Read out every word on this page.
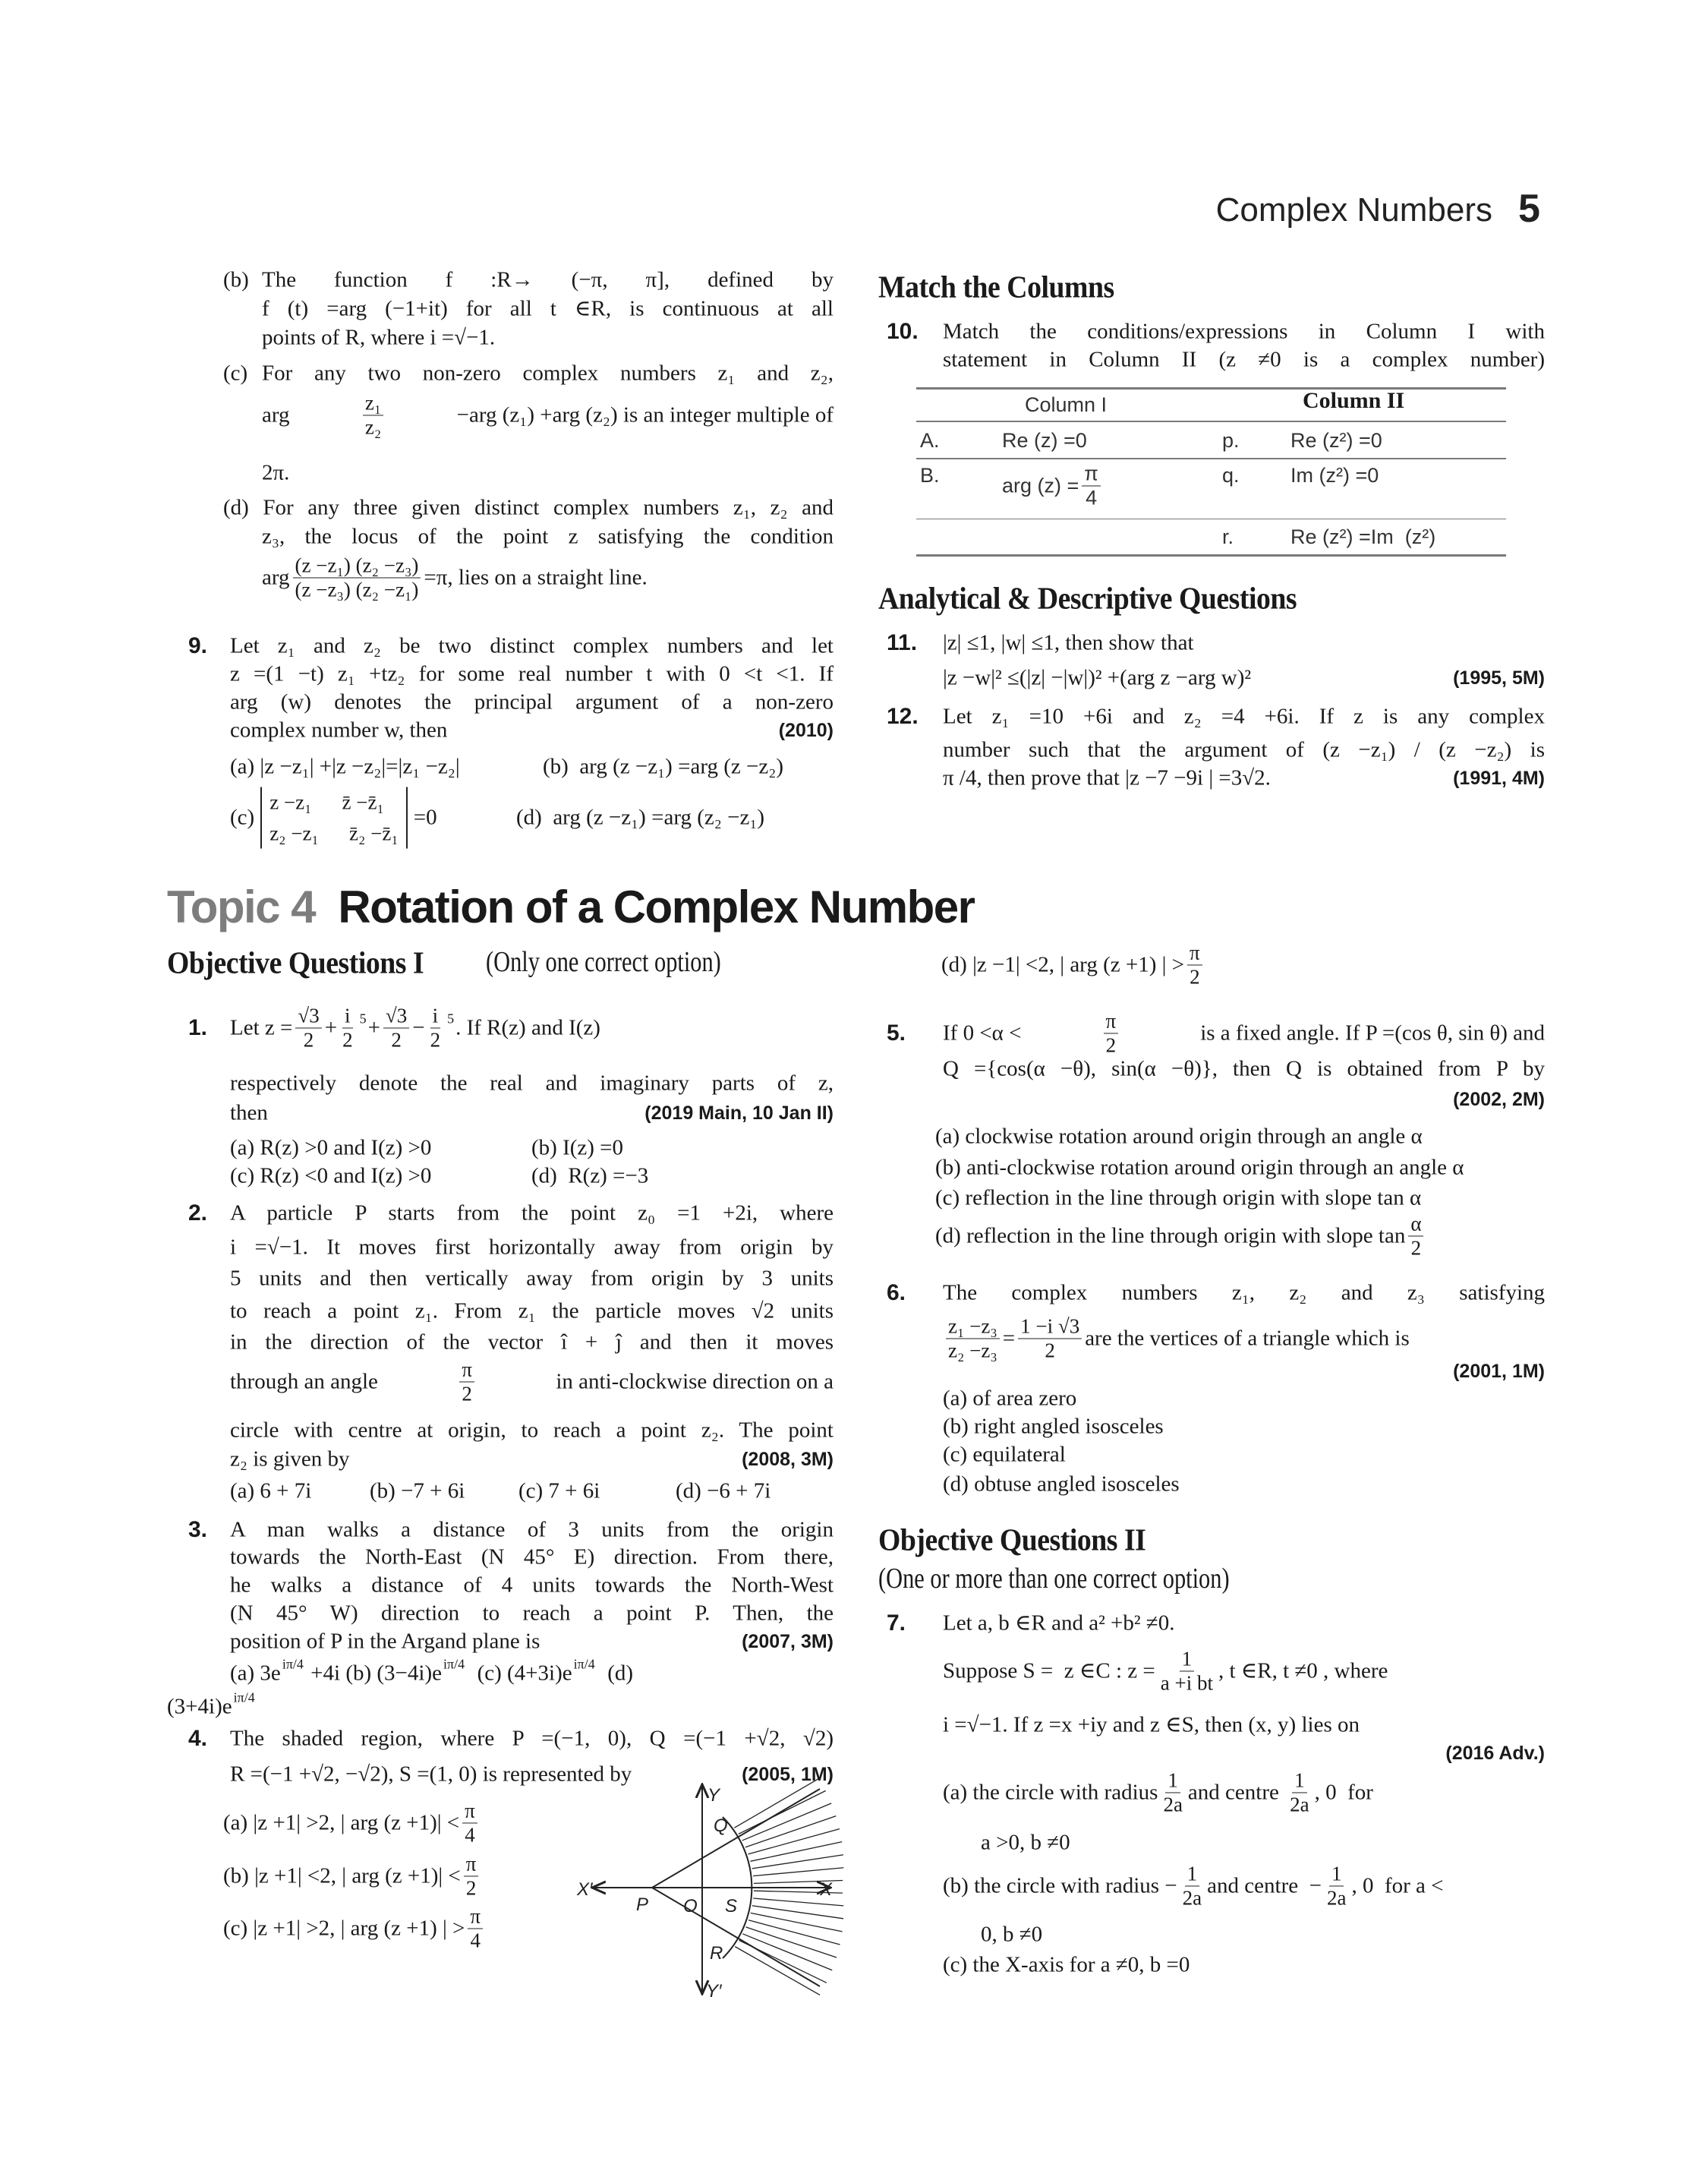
Complex Numbers 5
Topic 4 Rotation of a Complex Number
(c)
z −z₁ z̄ −z̄₁
z₂ −z₁ z̄₂ −z̄₁
=0
Y
Y′
X
X′
P O S
Q
R
(b) The function f :R→ (−π, π], defined by
f (t) =arg (−1+it) for all t ∈R, is continuous at all
points of R, where i =√−1.
(c) For any two non-zero complex numbers z₁ and z₂,
arg	$\frac{\text{z₁}}{\text{z₂}}$	−arg (z₁) +arg (z₂) is an integer multiple of
2π.
(d) For any three given distinct complex numbers z₁, z₂ and
z₃, the locus of the point z satisfying the condition
arg $\frac{\text{(z −z₁) (z₂ −z₃)}}{\text{(z −z₃) (z₂ −z₁)}} =\pi$, lies on a straight line.
9. Let z₁ and z₂ be two distinct complex numbers and let
z =(1 −t) z₁ +tz₂ for some real number t with 0 <t <1. If
arg (w) denotes the principal argument of a non-zero
complex number w, then	(2010)
(a) |z −z₁| +|z −z₂|=|z₁ −z₂|	(b)  arg (z −z₁) =arg (z −z₂)
(d)  arg (z −z₁) =arg (z₂ −z₁)
Objective Questions I (Only one correct option)
1. Let $z = \frac{√3}{2} + \frac{i}{2} 5 + \frac{√3}{2} - \frac{i}{2} 5$ . If R(z) and I(z)
respectively denote the real and imaginary parts of z,
then	(2019 Main, 10 Jan II)
(a) R(z) >0 and I(z) >0	(b) I(z) =0
(c) R(z) <0 and I(z) >0	(d)  R(z) =−3
2. A particle P starts from the point z₀ =1 +2i, where
i =√−1. It moves first horizontally away from origin by
5 units and then vertically away from origin by 3 units
to reach a point z₁. From z₁ the particle moves √2 units
in the direction of the vector î + ĵ and then it moves
through an angle	$\frac{\pi}{2}$	in anti-clockwise direction on a
circle with centre at origin, to reach a point z₂. The point
z₂ is given by	(2008, 3M)
(a) 6 + 7i	(b) −7 + 6i (c) 7 + 6i	(d) −6 + 7i
3. A man walks a distance of 3 units from the origin
towards the North-East (N 45° E) direction. From there,
he walks a distance of 4 units towards the North-West
(N 45° W) direction to reach a point P. Then, the
position of P in the Argand plane is	(2007, 3M)
(a) 3e iπ/4 +4i (b) (3−4i)e iπ/4 (c) (4+3i)e iπ/4 (d)
(3+4i)e iπ/4
4. The shaded region, where P =(−1, 0), Q =(−1 +√2, √2)
R =(−1 +√2, −√2), S =(1, 0) is represented by	(2005, 1M)
(a) |z +1| >2, | arg $(z +1)| < \frac{\pi}{4}$
(b) |z +1| <2, | arg $(z +1)| < \frac{\pi}{2}$
(c) |z +1| >2, | arg (z +1) | > $\frac{\pi}{4}$
Match the Columns
10. Match the conditions/expressions in Column I with
statement in Column II (z ≠0 is a complex number)
Column I	Column II
A.	Re (z) =0	p. Re (z²) =0
B.	arg $(z) = \frac{\pi}{4}$	q. Im (z²) =0
r.	Re (z²) =Im  (z²)
Analytical & Descriptive Questions
11. |z| ≤1, |w| ≤1, then show that
|z −w|² ≤(|z| −|w|)² +(arg z −arg w)²	(1995, 5M)
12. Let z₁ =10 +6i and z₂ =4 +6i. If z is any complex
number such that the argument of (z −z₁) / (z −z₂) is
π /4, then prove that |z −7 −9i | =3√2.	(1991, 4M)
(d) |z −1| <2, | arg (z +1) | > $\frac{\pi}{2}$
5. If 0 <α <	$\frac{\pi}{2}$	is a fixed angle. If P =(cos θ, sin θ) and
Q ={cos(α −θ), sin(α −θ)}, then Q is obtained from P by
(2002, 2M)
(a) clockwise rotation around origin through an angle α
(b) anti-clockwise rotation around origin through an angle α
(c) reflection in the line through origin with slope tan α
(d) reflection in the line through origin with slope $\tan \frac{\alpha}{2}$
6. The complex numbers z₁, z₂ and z₃ satisfying
$\frac{\text{z₁ −z₃}}{\text{z₂ −z₃}} = \frac{1 -i √3}{2}$ are the vertices of a triangle which is
(2001, 1M)
(a) of area zero
(b) right angled isosceles
(c) equilateral
(d) obtuse angled isosceles
Objective Questions II
(One or more than one correct option)
7. Let a, b ∈R and a² +b² ≠0.
Suppose S =  z ∈C : $z = \frac{1}{\text{a +i bt}}$ , t ∈R, t ≠0 , where
i =√−1. If z =x +iy and z ∈S, then (x, y) lies on
(2016 Adv.)
(a) the circle with radius $\frac{1}{2a}$ and centre $\frac{1}{2a}$ , 0  for
a >0, b ≠0
(b) the circle with radius − $\frac{1}{2a}$ and centre  − $\frac{1}{2a}$ , 0  for a <
0, b ≠0
(c) the X-axis for a ≠0, b =0
